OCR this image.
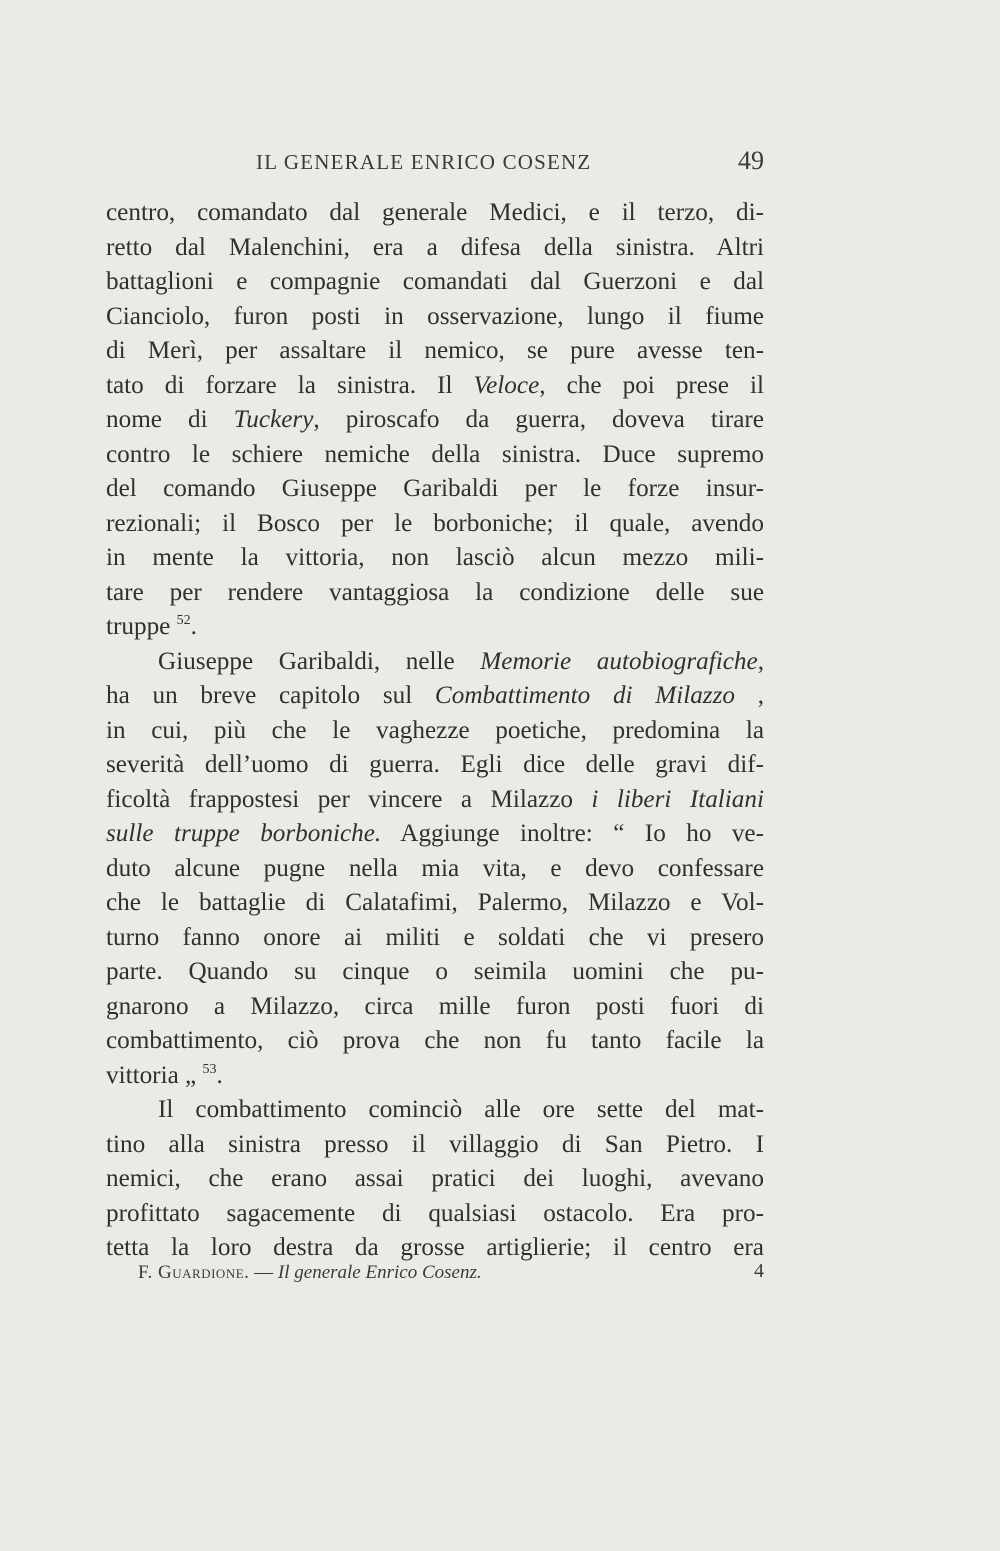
IL GENERALE ENRICO COSENZ	49
centro, comandato dal generale Medici, e il terzo, di-
retto dal Malenchini, era a difesa della sinistra. Altri
battaglioni e compagnie comandati dal Guerzoni e dal
Cianciolo, furon posti in osservazione, lungo il fiume
di Merì, per assaltare il nemico, se pure avesse ten-
tato di forzare la sinistra. Il Veloce, che poi prese il
nome di Tuckery, piroscafo da guerra, doveva tirare
contro le schiere nemiche della sinistra. Duce supremo
del comando Giuseppe Garibaldi per le forze insur-
rezionali; il Bosco per le borboniche; il quale, avendo
in mente la vittoria, non lasciò alcun mezzo mili-
tare per rendere vantaggiosa la condizione delle sue
truppe $^{52}$.
Giuseppe Garibaldi, nelle Memorie autobiografiche,
ha un breve capitolo sul Combattimento di Milazzo ,
in cui, più che le vaghezze poetiche, predomina la
severità dell’uomo di guerra. Egli dice delle gravi dif-
ficoltà frappostesi per vincere a Milazzo i liberi Italiani
sulle truppe borboniche. Aggiunge inoltre: “ Io ho ve-
duto alcune pugne nella mia vita, e devo confessare
che le battaglie di Calatafimi, Palermo, Milazzo e Vol-
turno fanno onore ai militi e soldati che vi presero
parte. Quando su cinque o seimila uomini che pu-
gnarono a Milazzo, circa mille furon posti fuori di
combattimento, ciò prova che non fu tanto facile la
vittoria „ $^{53}$.
Il combattimento cominciò alle ore sette del mat-
tino alla sinistra presso il villaggio di San Pietro. I
nemici, che erano assai pratici dei luoghi, avevano
profittato sagacemente di qualsiasi ostacolo. Era pro-
tetta la loro destra da grosse artiglierie; il centro era
F. Guardione. — Il generale Enrico Cosenz.	4
